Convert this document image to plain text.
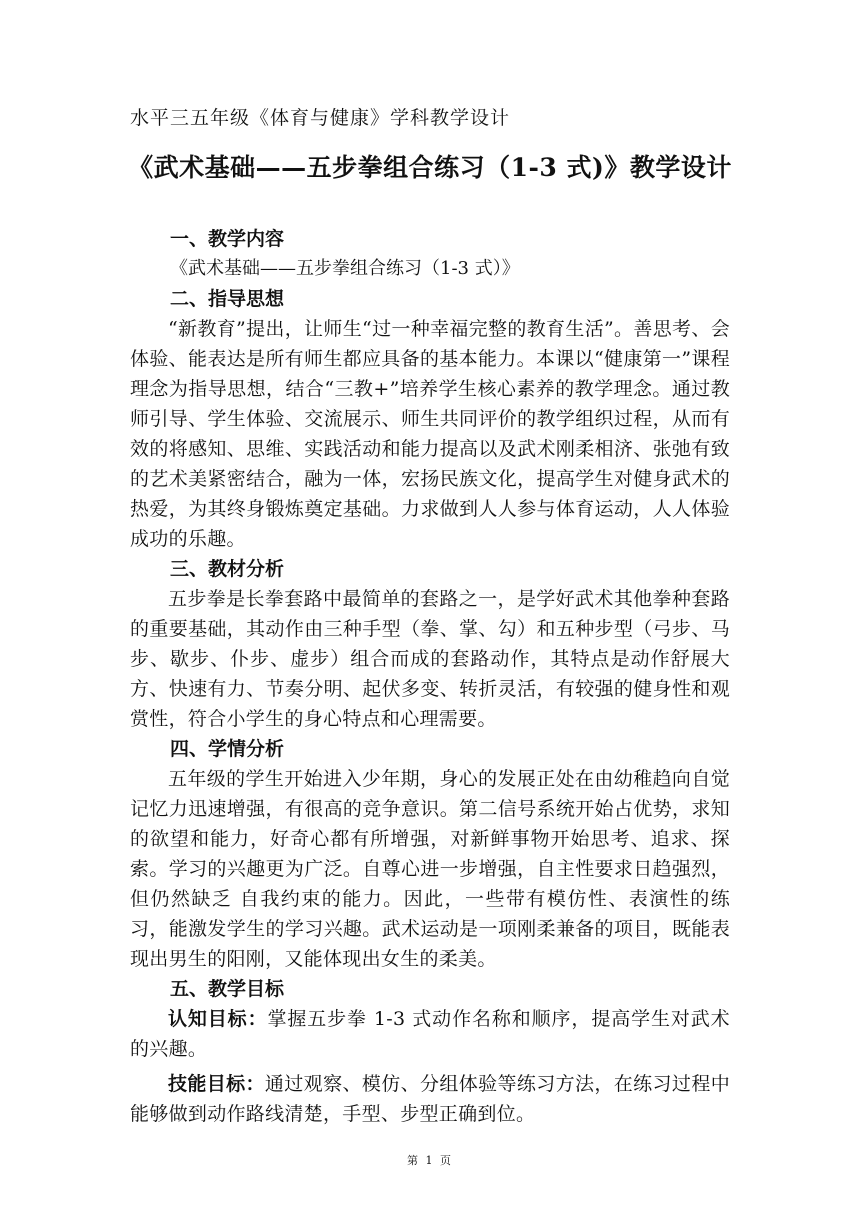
水平三五年级《体育与健康》学科教学设计
《武术基础——五步拳组合练习（1-3 式)》教学设计

一、教学内容

《武术基础——五步拳组合练习（1-3 式）》

二、指导思想

“新教育”提出，让师生“过一种幸福完整的教育生活”。善思考、会体验、能表达是所有师生都应具备的基本能力。本课以“健康第一”课程理念为指导思想，结合“三教+”培养学生核心素养的教学理念。通过教师引导、学生体验、交流展示、师生共同评价的教学组织过程，从而有效的将感知、思维、实践活动和能力提高以及武术刚柔相济、张弛有致的艺术美紧密结合，融为一体，宏扬民族文化，提高学生对健身武术的热爱，为其终身锻炼奠定基础。力求做到人人参与体育运动，人人体验成功的乐趣。

三、教材分析

五步拳是长拳套路中最简单的套路之一，是学好武术其他拳种套路的重要基础，其动作由三种手型（拳、掌、勾）和五种步型（弓步、马步、歇步、仆步、虚步）组合而成的套路动作，其特点是动作舒展大方、快速有力、节奏分明、起伏多变、转折灵活，有较强的健身性和观赏性，符合小学生的身心特点和心理需要。

四、学情分析

五年级的学生开始进入少年期，身心的发展正处在由幼稚趋向自觉记忆力迅速增强，有很高的竞争意识。第二信号系统开始占优势，求知的欲望和能力，好奇心都有所增强，对新鲜事物开始思考、追求、探索。学习的兴趣更为广泛。自尊心进一步增强，自主性要求日趋强烈，但仍然缺乏 自我约束的能力。因此，一些带有模仿性、表演性的练习，能激发学生的学习兴趣。武术运动是一项刚柔兼备的项目，既能表现出男生的阳刚，又能体现出女生的柔美。

五、教学目标

认知目标：掌握五步拳 1-3 式动作名称和顺序，提高学生对武术的兴趣。

技能目标：通过观察、模仿、分组体验等练习方法，在练习过程中能够做到动作路线清楚，手型、步型正确到位。

第 1 页
